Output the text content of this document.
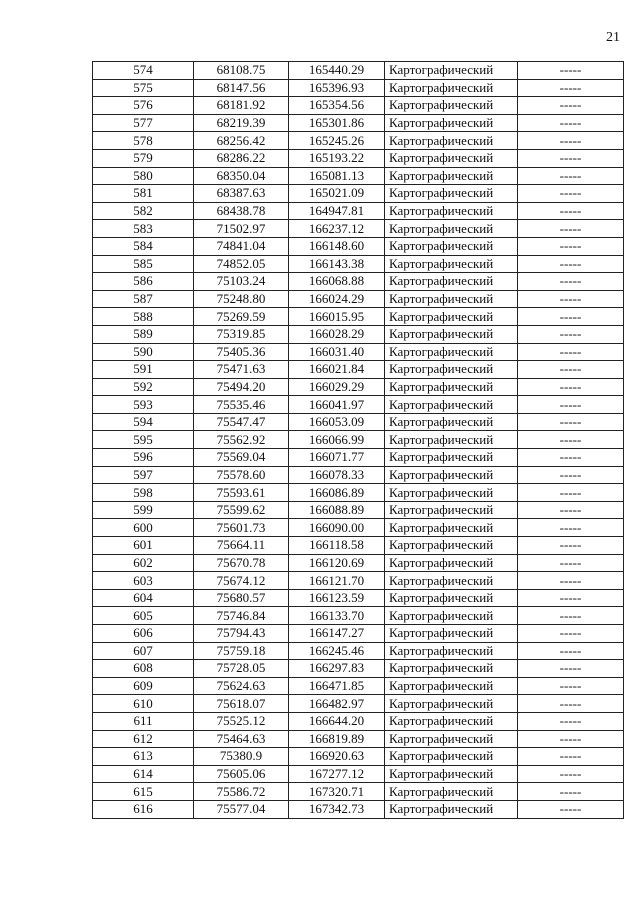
21
574	68108.75	165440.29	Картографический	-----
575	68147.56	165396.93	Картографический	-----
576	68181.92	165354.56	Картографический	-----
577	68219.39	165301.86	Картографический	-----
578	68256.42	165245.26	Картографический	-----
579	68286.22	165193.22	Картографический	-----
580	68350.04	165081.13	Картографический	-----
581	68387.63	165021.09	Картографический	-----
582	68438.78	164947.81	Картографический	-----
583	71502.97	166237.12	Картографический	-----
584	74841.04	166148.60	Картографический	-----
585	74852.05	166143.38	Картографический	-----
586	75103.24	166068.88	Картографический	-----
587	75248.80	166024.29	Картографический	-----
588	75269.59	166015.95	Картографический	-----
589	75319.85	166028.29	Картографический	-----
590	75405.36	166031.40	Картографический	-----
591	75471.63	166021.84	Картографический	-----
592	75494.20	166029.29	Картографический	-----
593	75535.46	166041.97	Картографический	-----
594	75547.47	166053.09	Картографический	-----
595	75562.92	166066.99	Картографический	-----
596	75569.04	166071.77	Картографический	-----
597	75578.60	166078.33	Картографический	-----
598	75593.61	166086.89	Картографический	-----
599	75599.62	166088.89	Картографический	-----
600	75601.73	166090.00	Картографический	-----
601	75664.11	166118.58	Картографический	-----
602	75670.78	166120.69	Картографический	-----
603	75674.12	166121.70	Картографический	-----
604	75680.57	166123.59	Картографический	-----
605	75746.84	166133.70	Картографический	-----
606	75794.43	166147.27	Картографический	-----
607	75759.18	166245.46	Картографический	-----
608	75728.05	166297.83	Картографический	-----
609	75624.63	166471.85	Картографический	-----
610	75618.07	166482.97	Картографический	-----
611	75525.12	166644.20	Картографический	-----
612	75464.63	166819.89	Картографический	-----
613	75380.9	166920.63	Картографический	-----
614	75605.06	167277.12	Картографический	-----
615	75586.72	167320.71	Картографический	-----
616	75577.04	167342.73	Картографический	-----
